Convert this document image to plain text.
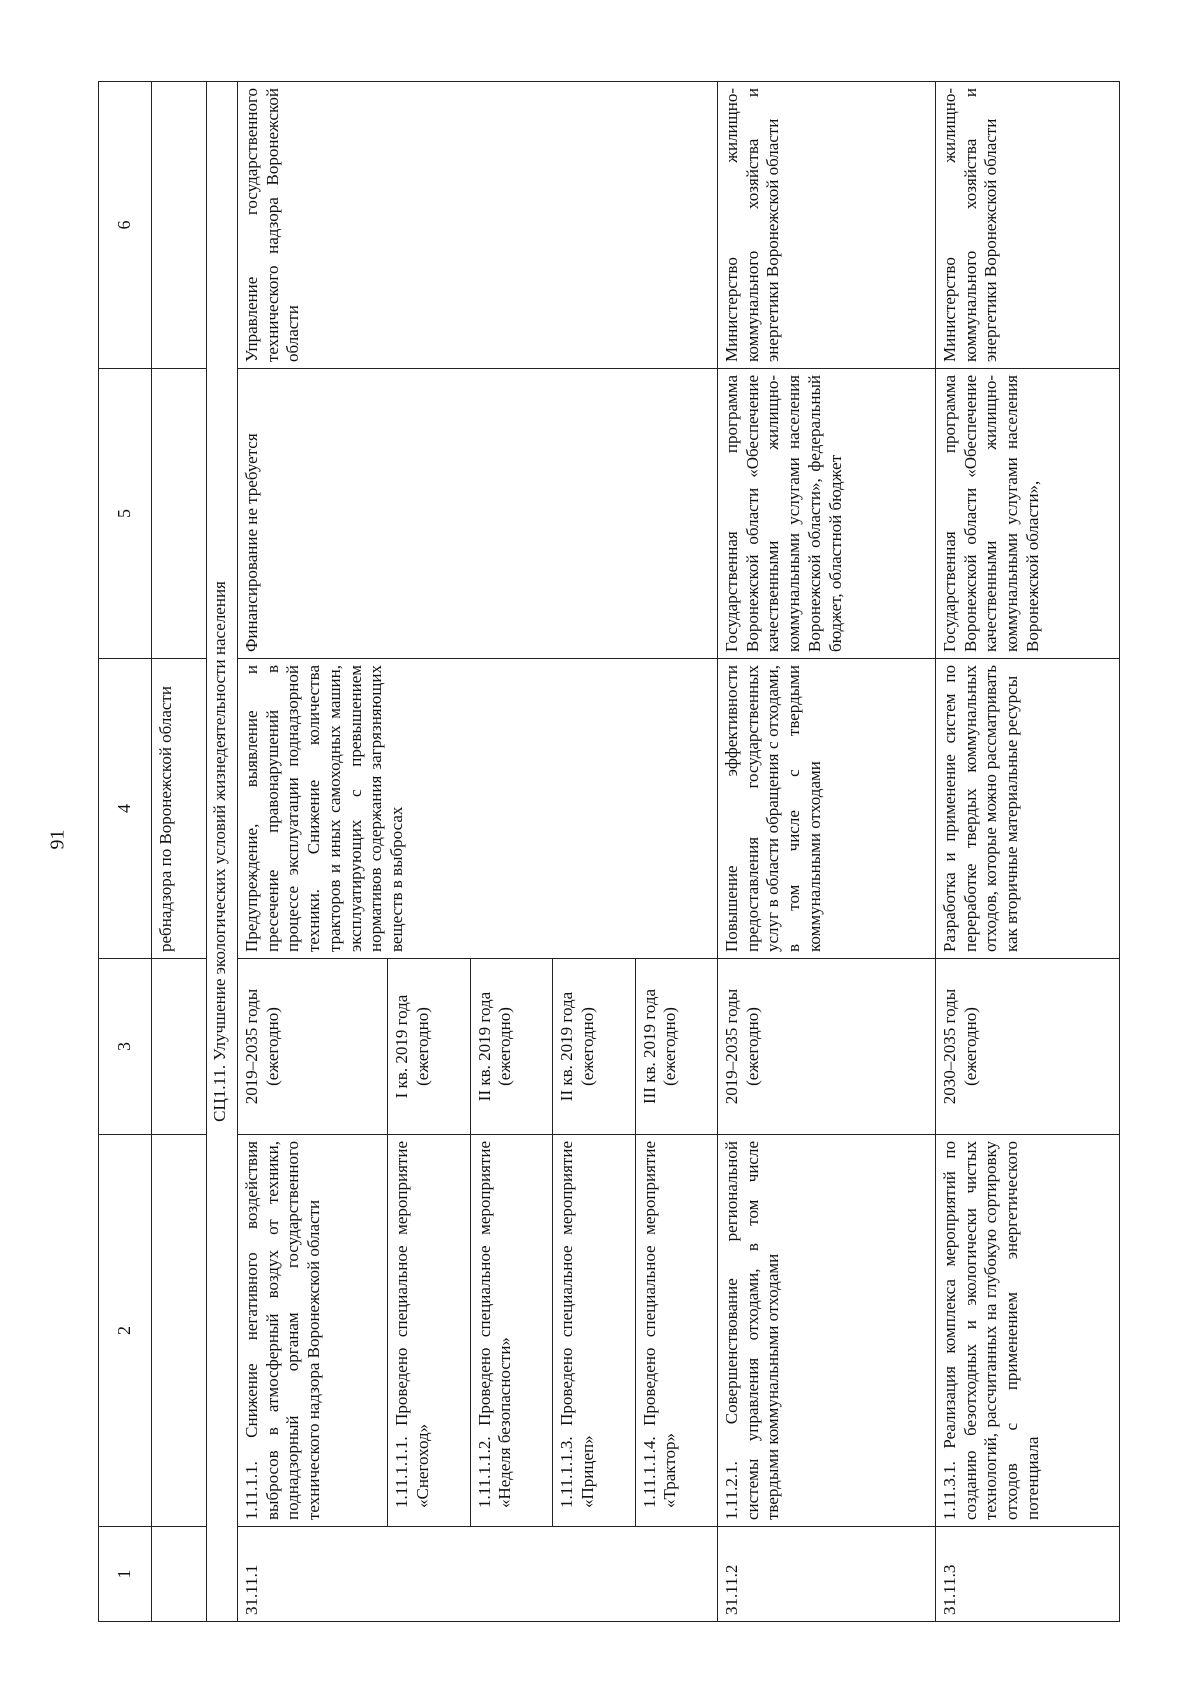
91
1	2	3	4	5	6
			ребнадзора по Воронежской области		
СЦ1.11. Улучшение экологических условий жизнедеятельности населения					
31.11.1	1.11.1.1. Снижение негативного воздействия выбросов в атмосферный воздух от техники, поднадзорный органам государственного технического надзора Воронежской области	2019–2035 годы (ежегодно)	Предупреждение, выявление и пресечение правонарушений в процессе эксплуатации поднадзорной техники. Снижение количества тракторов и иных самоходных машин, эксплуатирующих с превышением нормативов содержания загрязняющих веществ в выбросах	Финансирование не требуется	Управление государственного технического надзора Воронежской области
	1.11.1.1.1. Проведено специальное мероприятие «Снегоход»	I кв. 2019 года (ежегодно)			
	1.11.1.1.2. Проведено специальное мероприятие «Неделя безопасности»	II кв. 2019 года (ежегодно)			
	1.11.1.1.3. Проведено специальное мероприятие «Прицеп»	II кв. 2019 года (ежегодно)			
	1.11.1.1.4. Проведено специальное мероприятие «Трактор»	III кв. 2019 года (ежегодно)			
31.11.2	1.11.2.1. Совершенствование региональной системы управления отходами, в том числе твердыми коммунальными отходами	2019–2035 годы (ежегодно)	Повышение эффективности предоставления государственных услуг в области обращения с отходами, в том числе с твердыми коммунальными отходами	Государственная программа Воронежской области «Обеспечение качественными жилищно-коммунальными услугами населения Воронежской области», федеральный бюджет, областной бюджет	Министерство жилищно-коммунального хозяйства и энергетики Воронежской области
31.11.3	1.11.3.1. Реализация комплекса мероприятий по созданию безотходных и экологически чистых технологий, рассчитанных на глубокую сортировку отходов с применением энергетического потенциала	2030–2035 годы (ежегодно)	Разработка и применение систем по переработке твердых коммунальных отходов, которые можно рассматривать как вторичные материальные ресурсы	Государственная программа Воронежской области «Обеспечение качественными жилищно-коммунальными услугами населения Воронежской области»,	Министерство жилищно-коммунального хозяйства и энергетики Воронежской области
